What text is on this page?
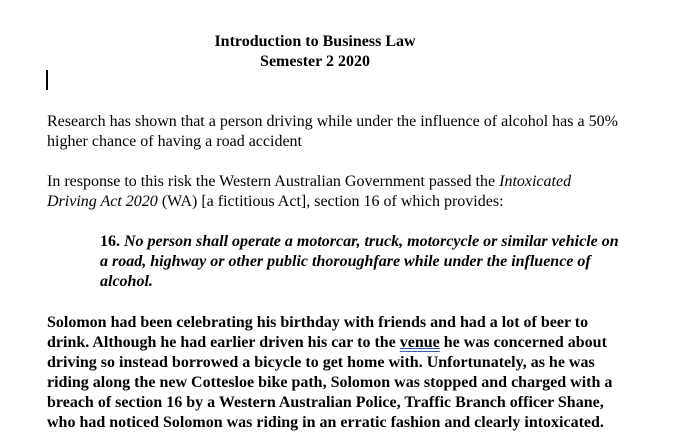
Introduction to Business Law
Semester 2 2020
Research has shown that a person driving while under the influence of alcohol has a 50%
higher chance of having a road accident
In response to this risk the Western Australian Government passed the Intoxicated
Driving Act 2020 (WA) [a fictitious Act], section 16 of which provides:
16. No person shall operate a motorcar, truck, motorcycle or similar vehicle on
a road, highway or other public thoroughfare while under the influence of
alcohol.
Solomon had been celebrating his birthday with friends and had a lot of beer to
drink. Although he had earlier driven his car to the venue he was concerned about
driving so instead borrowed a bicycle to get home with. Unfortunately, as he was
riding along the new Cottesloe bike path, Solomon was stopped and charged with a
breach of section 16 by a Western Australian Police, Traffic Branch officer Shane,
who had noticed Solomon was riding in an erratic fashion and clearly intoxicated.
